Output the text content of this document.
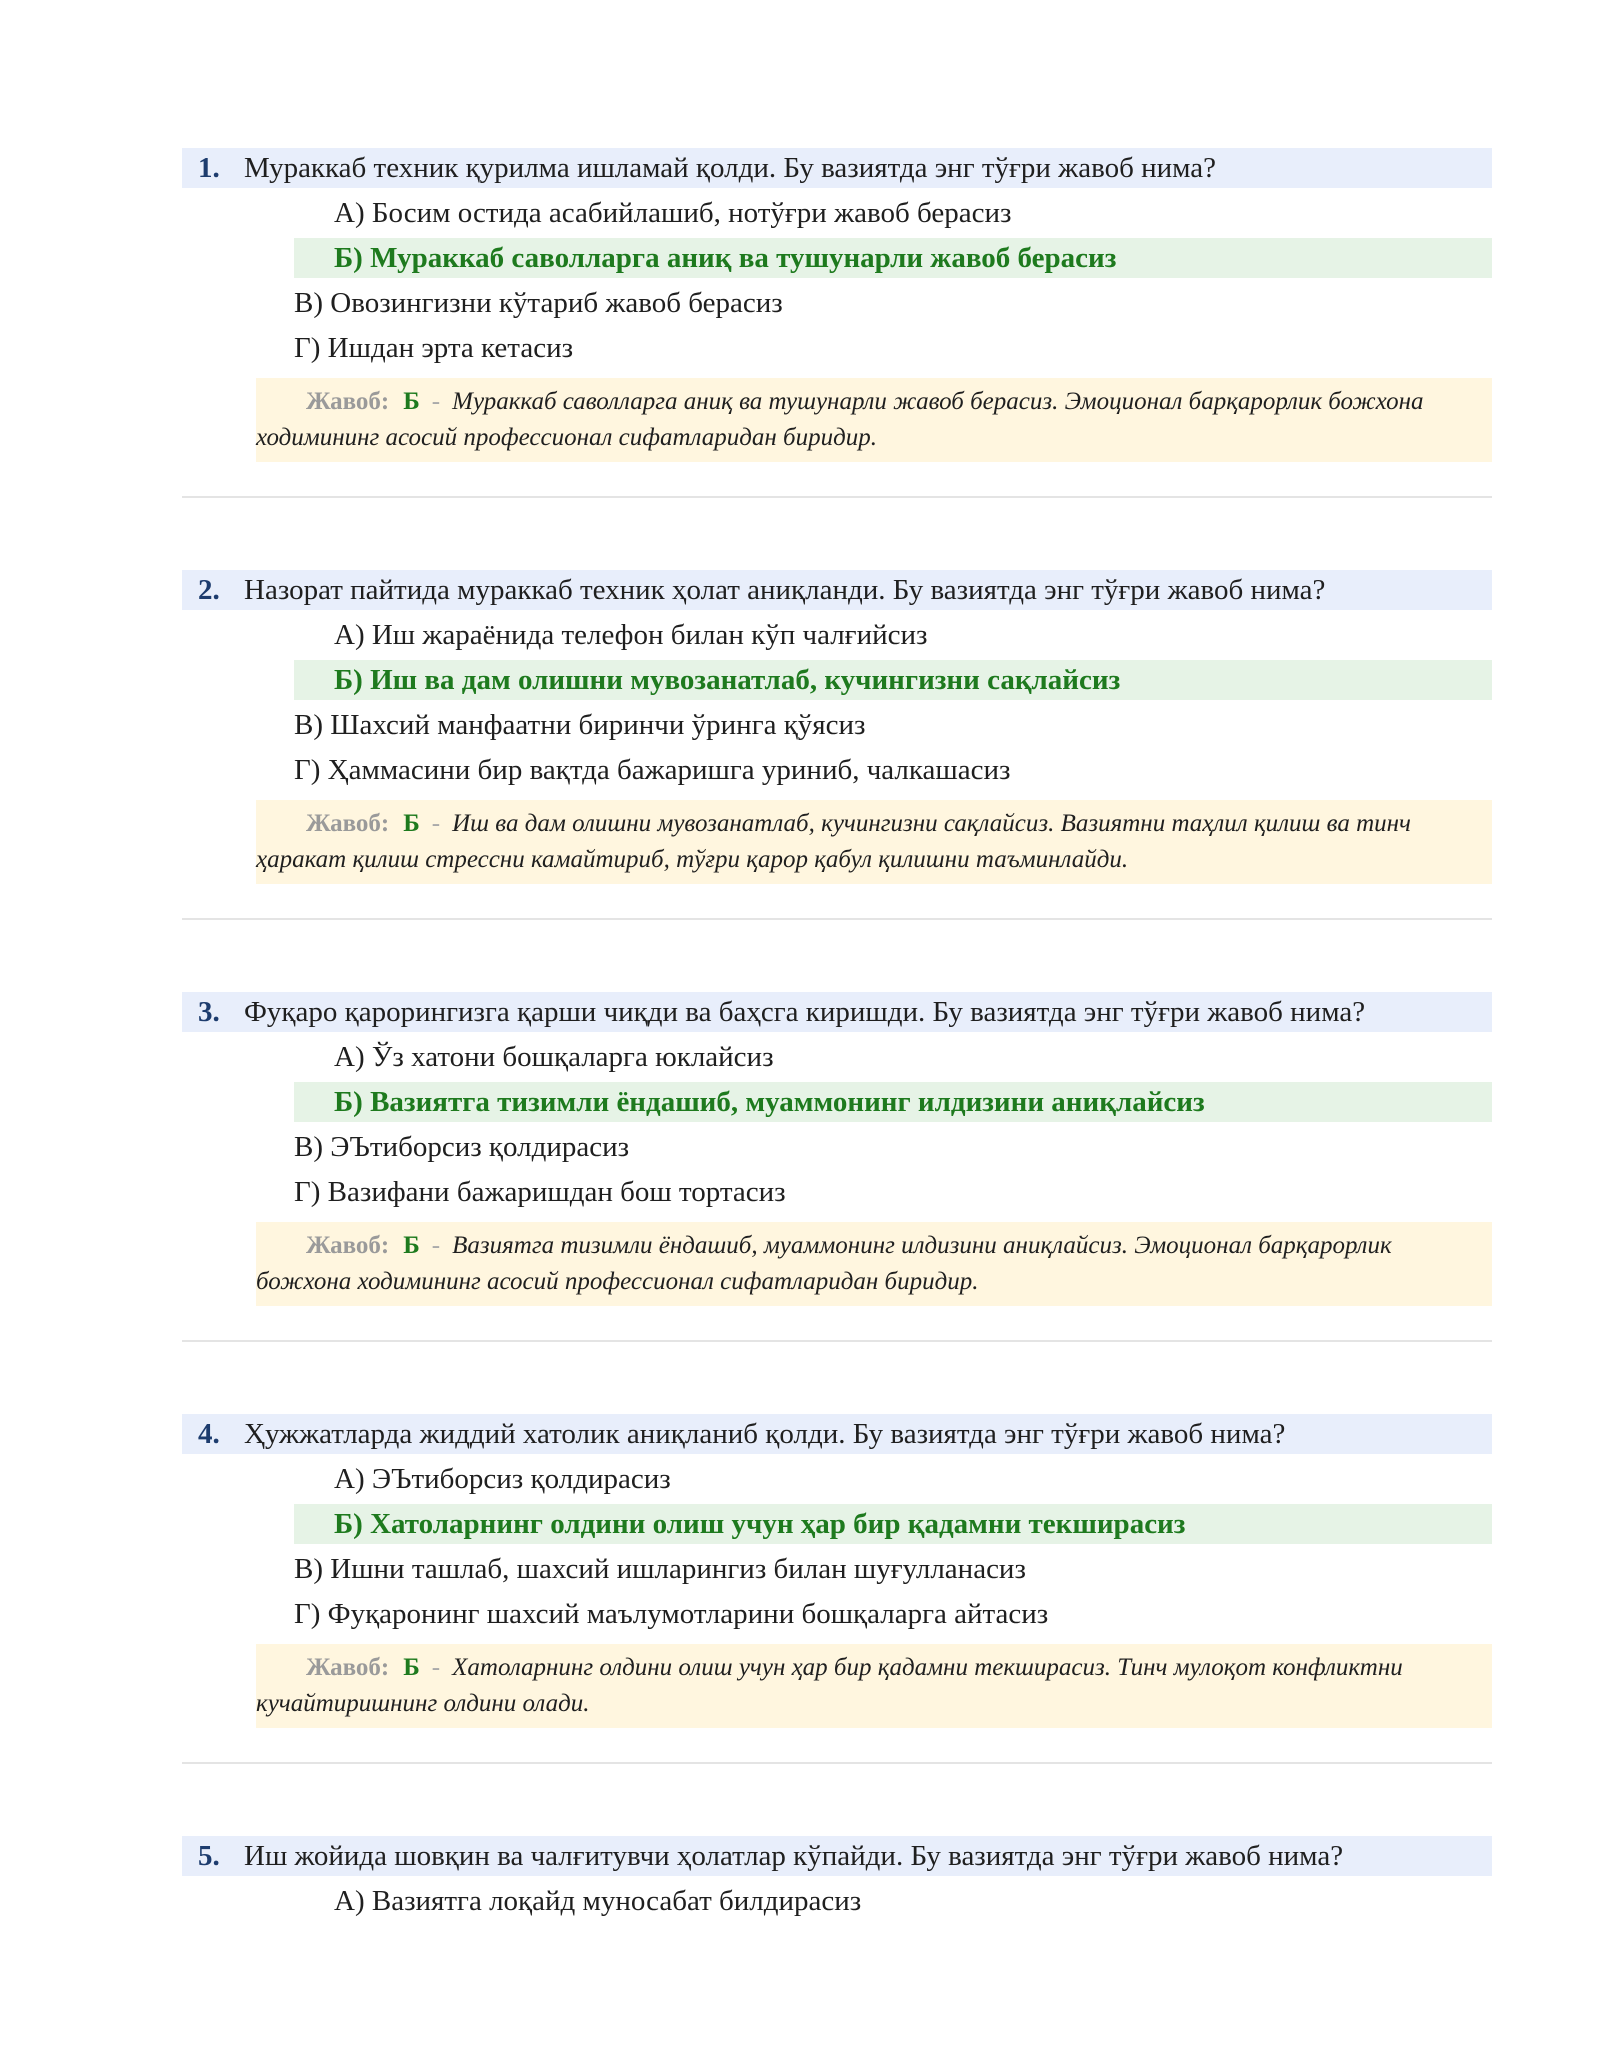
1. Мураккаб техник қурилма ишламай қолди. Бу вазиятда энг тўғри жавоб нима?
А) Босим остида асабийлашиб, нотўғри жавоб берасиз
Б) Мураккаб саволларга аниқ ва тушунарли жавоб берасиз
В) Овозингизни кўтариб жавоб берасиз
Г) Ишдан эрта кетасиз
Жавоб: Б - Мураккаб саволларга аниқ ва тушунарли жавоб берасиз. Эмоционал барқарорлик божхона ходимининг асосий профессионал сифатларидан биридир.
2. Назорат пайтида мураккаб техник ҳолат аниқланди. Бу вазиятда энг тўғри жавоб нима?
А) Иш жараёнида телефон билан кўп чалғийсиз
Б) Иш ва дам олишни мувозанатлаб, кучингизни сақлайсиз
В) Шахсий манфаатни биринчи ўринга қўясиз
Г) Ҳаммасини бир вақтда бажаришга уриниб, чалкашасиз
Жавоб: Б - Иш ва дам олишни мувозанатлаб, кучингизни сақлайсиз. Вазиятни таҳлил қилиш ва тинч ҳаракат қилиш стрессни камайтириб, тўғри қарор қабул қилишни таъминлайди.
3. Фуқаро қарорингизга қарши чиқди ва баҳсга киришди. Бу вазиятда энг тўғри жавоб нима?
А) Ўз хатони бошқаларга юклайсиз
Б) Вазиятга тизимли ёндашиб, муаммонинг илдизини аниқлайсиз
В) ЭЪтиборсиз қолдирасиз
Г) Вазифани бажаришдан бош тортасиз
Жавоб: Б - Вазиятга тизимли ёндашиб, муаммонинг илдизини аниқлайсиз. Эмоционал барқарорлик божхона ходимининг асосий профессионал сифатларидан биридир.
4. Ҳужжатларда жиддий хатолик аниқланиб қолди. Бу вазиятда энг тўғри жавоб нима?
А) ЭЪтиборсиз қолдирасиз
Б) Хатоларнинг олдини олиш учун ҳар бир қадамни текширасиз
В) Ишни ташлаб, шахсий ишларингиз билан шуғулланасиз
Г) Фуқаронинг шахсий маълумотларини бошқаларга айтасиз
Жавоб: Б - Хатоларнинг олдини олиш учун ҳар бир қадамни текширасиз. Тинч мулоқот конфликтни кучайтиришнинг олдини олади.
5. Иш жойида шовқин ва чалғитувчи ҳолатлар кўпайди. Бу вазиятда энг тўғри жавоб нима?
А) Вазиятга лоқайд муносабат билдирасиз
